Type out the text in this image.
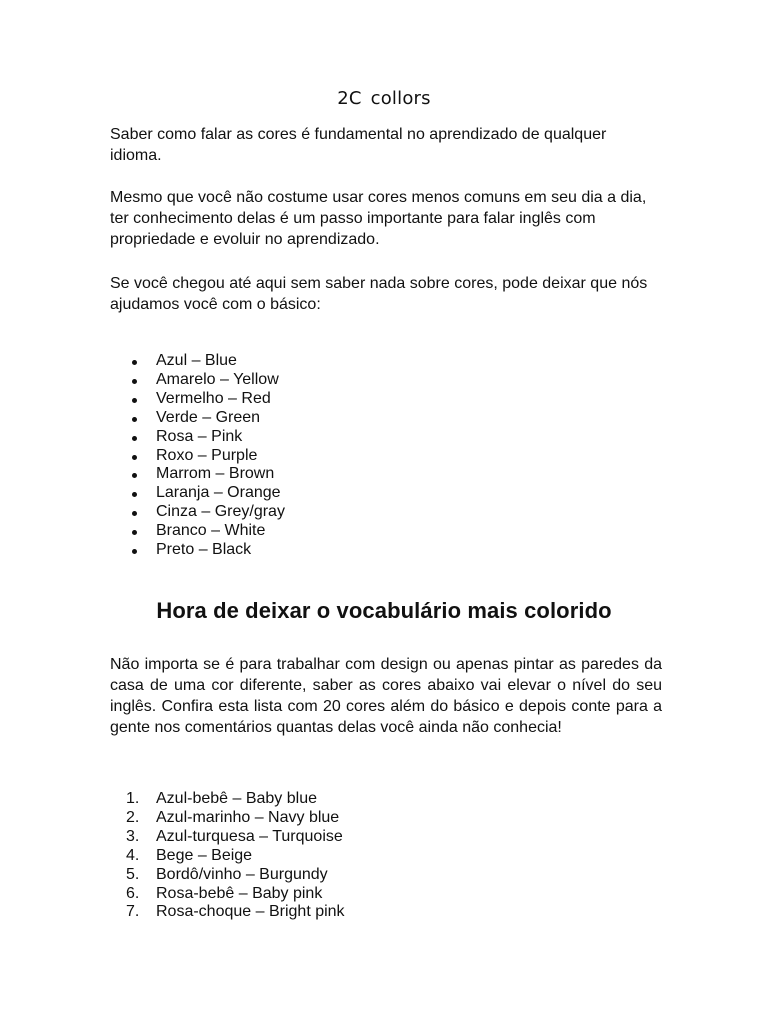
2C collors

Saber como falar as cores é fundamental no aprendizado de qualquer idioma.

Mesmo que você não costume usar cores menos comuns em seu dia a dia, ter conhecimento delas é um passo importante para falar inglês com propriedade e evoluir no aprendizado.

Se você chegou até aqui sem saber nada sobre cores, pode deixar que nós ajudamos você com o básico:

Azul – Blue
Amarelo – Yellow
Vermelho – Red
Verde – Green
Rosa – Pink
Roxo – Purple
Marrom – Brown
Laranja – Orange
Cinza – Grey/gray
Branco – White
Preto – Black
Hora de deixar o vocabulário mais colorido

Não importa se é para trabalhar com design ou apenas pintar as paredes da casa de uma cor diferente, saber as cores abaixo vai elevar o nível do seu inglês. Confira esta lista com 20 cores além do básico e depois conte para a gente nos comentários quantas delas você ainda não conhecia!

1.	Azul-bebê – Baby blue
2.	Azul-marinho – Navy blue
3.	Azul-turquesa – Turquoise
4.	Bege – Beige
5.	Bordô/vinho – Burgundy
6.	Rosa-bebê – Baby pink
7.	Rosa-choque – Bright pink
